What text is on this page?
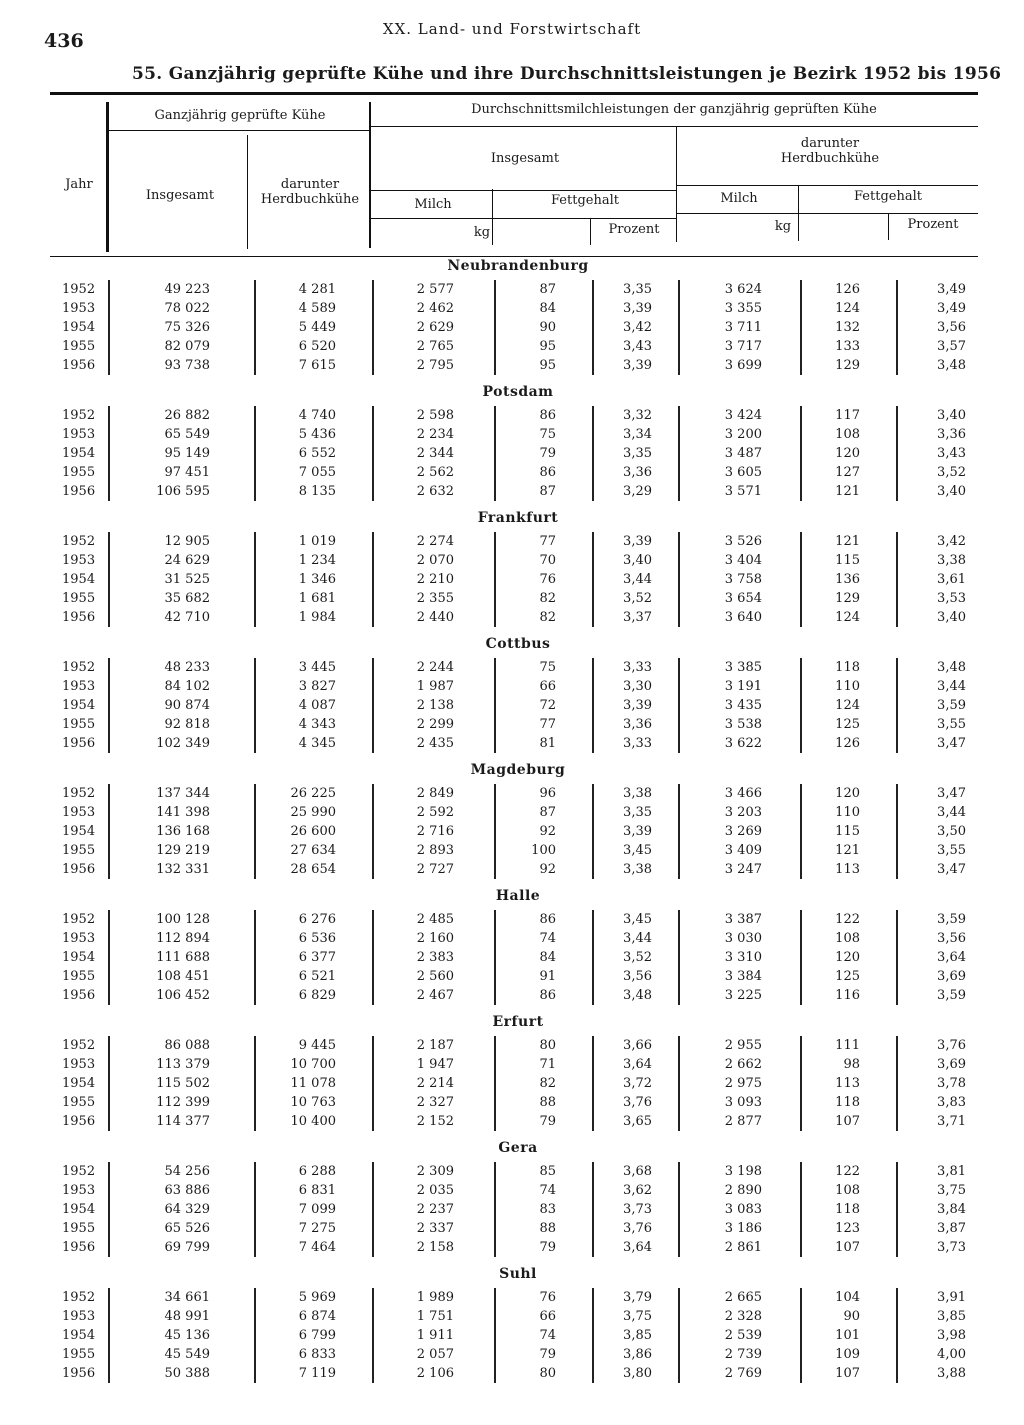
436
XX. Land- und Forstwirtschaft
55. Ganzjährig geprüfte Kühe und ihre Durchschnittsleistungen je Bezirk 1952 bis 1956
Jahr
Ganzjährig geprüfte Kühe
Insgesamt
darunter Herdbuchkühe
Durchschnittsmilchleistungen der ganzjährig geprüften Kühe
Insgesamt
darunter Herdbuchkühe
Milch	Fettgehalt	Milch	Fettgehalt
kg	Prozent	kg	Prozent
Neubrandenburg
1952	49 223	4 281	2 577	87	3,35	3 624	126	3,49
1953	78 022	4 589	2 462	84	3,39	3 355	124	3,49
1954	75 326	5 449	2 629	90	3,42	3 711	132	3,56
1955	82 079	6 520	2 765	95	3,43	3 717	133	3,57
1956	93 738	7 615	2 795	95	3,39	3 699	129	3,48
Potsdam
1952	26 882	4 740	2 598	86	3,32	3 424	117	3,40
1953	65 549	5 436	2 234	75	3,34	3 200	108	3,36
1954	95 149	6 552	2 344	79	3,35	3 487	120	3,43
1955	97 451	7 055	2 562	86	3,36	3 605	127	3,52
1956	106 595	8 135	2 632	87	3,29	3 571	121	3,40
Frankfurt
1952	12 905	1 019	2 274	77	3,39	3 526	121	3,42
1953	24 629	1 234	2 070	70	3,40	3 404	115	3,38
1954	31 525	1 346	2 210	76	3,44	3 758	136	3,61
1955	35 682	1 681	2 355	82	3,52	3 654	129	3,53
1956	42 710	1 984	2 440	82	3,37	3 640	124	3,40
Cottbus
1952	48 233	3 445	2 244	75	3,33	3 385	118	3,48
1953	84 102	3 827	1 987	66	3,30	3 191	110	3,44
1954	90 874	4 087	2 138	72	3,39	3 435	124	3,59
1955	92 818	4 343	2 299	77	3,36	3 538	125	3,55
1956	102 349	4 345	2 435	81	3,33	3 622	126	3,47
Magdeburg
1952	137 344	26 225	2 849	96	3,38	3 466	120	3,47
1953	141 398	25 990	2 592	87	3,35	3 203	110	3,44
1954	136 168	26 600	2 716	92	3,39	3 269	115	3,50
1955	129 219	27 634	2 893	100	3,45	3 409	121	3,55
1956	132 331	28 654	2 727	92	3,38	3 247	113	3,47
Halle
1952	100 128	6 276	2 485	86	3,45	3 387	122	3,59
1953	112 894	6 536	2 160	74	3,44	3 030	108	3,56
1954	111 688	6 377	2 383	84	3,52	3 310	120	3,64
1955	108 451	6 521	2 560	91	3,56	3 384	125	3,69
1956	106 452	6 829	2 467	86	3,48	3 225	116	3,59
Erfurt
1952	86 088	9 445	2 187	80	3,66	2 955	111	3,76
1953	113 379	10 700	1 947	71	3,64	2 662	98	3,69
1954	115 502	11 078	2 214	82	3,72	2 975	113	3,78
1955	112 399	10 763	2 327	88	3,76	3 093	118	3,83
1956	114 377	10 400	2 152	79	3,65	2 877	107	3,71
Gera
1952	54 256	6 288	2 309	85	3,68	3 198	122	3,81
1953	63 886	6 831	2 035	74	3,62	2 890	108	3,75
1954	64 329	7 099	2 237	83	3,73	3 083	118	3,84
1955	65 526	7 275	2 337	88	3,76	3 186	123	3,87
1956	69 799	7 464	2 158	79	3,64	2 861	107	3,73
Suhl
1952	34 661	5 969	1 989	76	3,79	2 665	104	3,91
1953	48 991	6 874	1 751	66	3,75	2 328	90	3,85
1954	45 136	6 799	1 911	74	3,85	2 539	101	3,98
1955	45 549	6 833	2 057	79	3,86	2 739	109	4,00
1956	50 388	7 119	2 106	80	3,80	2 769	107	3,88
